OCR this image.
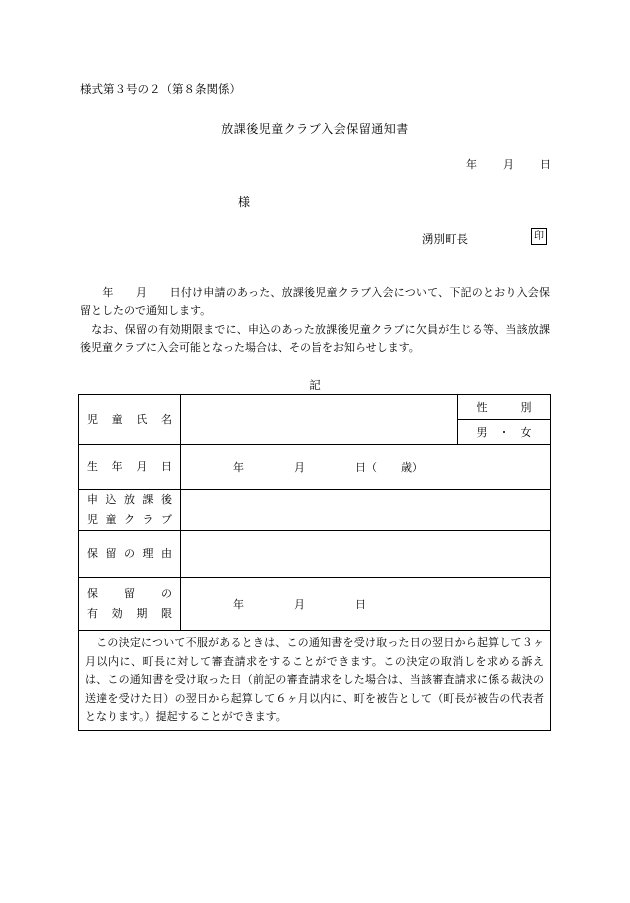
様式第３号の２（第８条関係）
放課後児童クラブ入会保留通知書
年 月 日
様
湧別町長	印
　　年　　月　　日付け申請のあった、放課後児童クラブ入会について、下記のとおり入会保留としたので通知します。
　なお、保留の有効期限までに、申込のあった放課後児童クラブに欠員が生じる等、当該放課後児童クラブに入会可能となった場合は、その旨をお知らせします。
記
児童氏名		性　　　別
		男　・　女
生年月日	年 月 日（ 歳）	

申込放課後
児童クラブ		

保留の理由		

保留の
有効期限	年 月 日	
　この決定について不服があるときは、この通知書を受け取った日の翌日から起算して３ヶ月以内に、町長に対して審査請求をすることができます。この決定の取消しを求める訴えは、この通知書を受け取った日（前記の審査請求をした場合は、当該審査請求に係る裁決の送達を受けた日）の翌日から起算して６ヶ月以内に、町を被告として（町長が被告の代表者となります。）提起することができます。		
